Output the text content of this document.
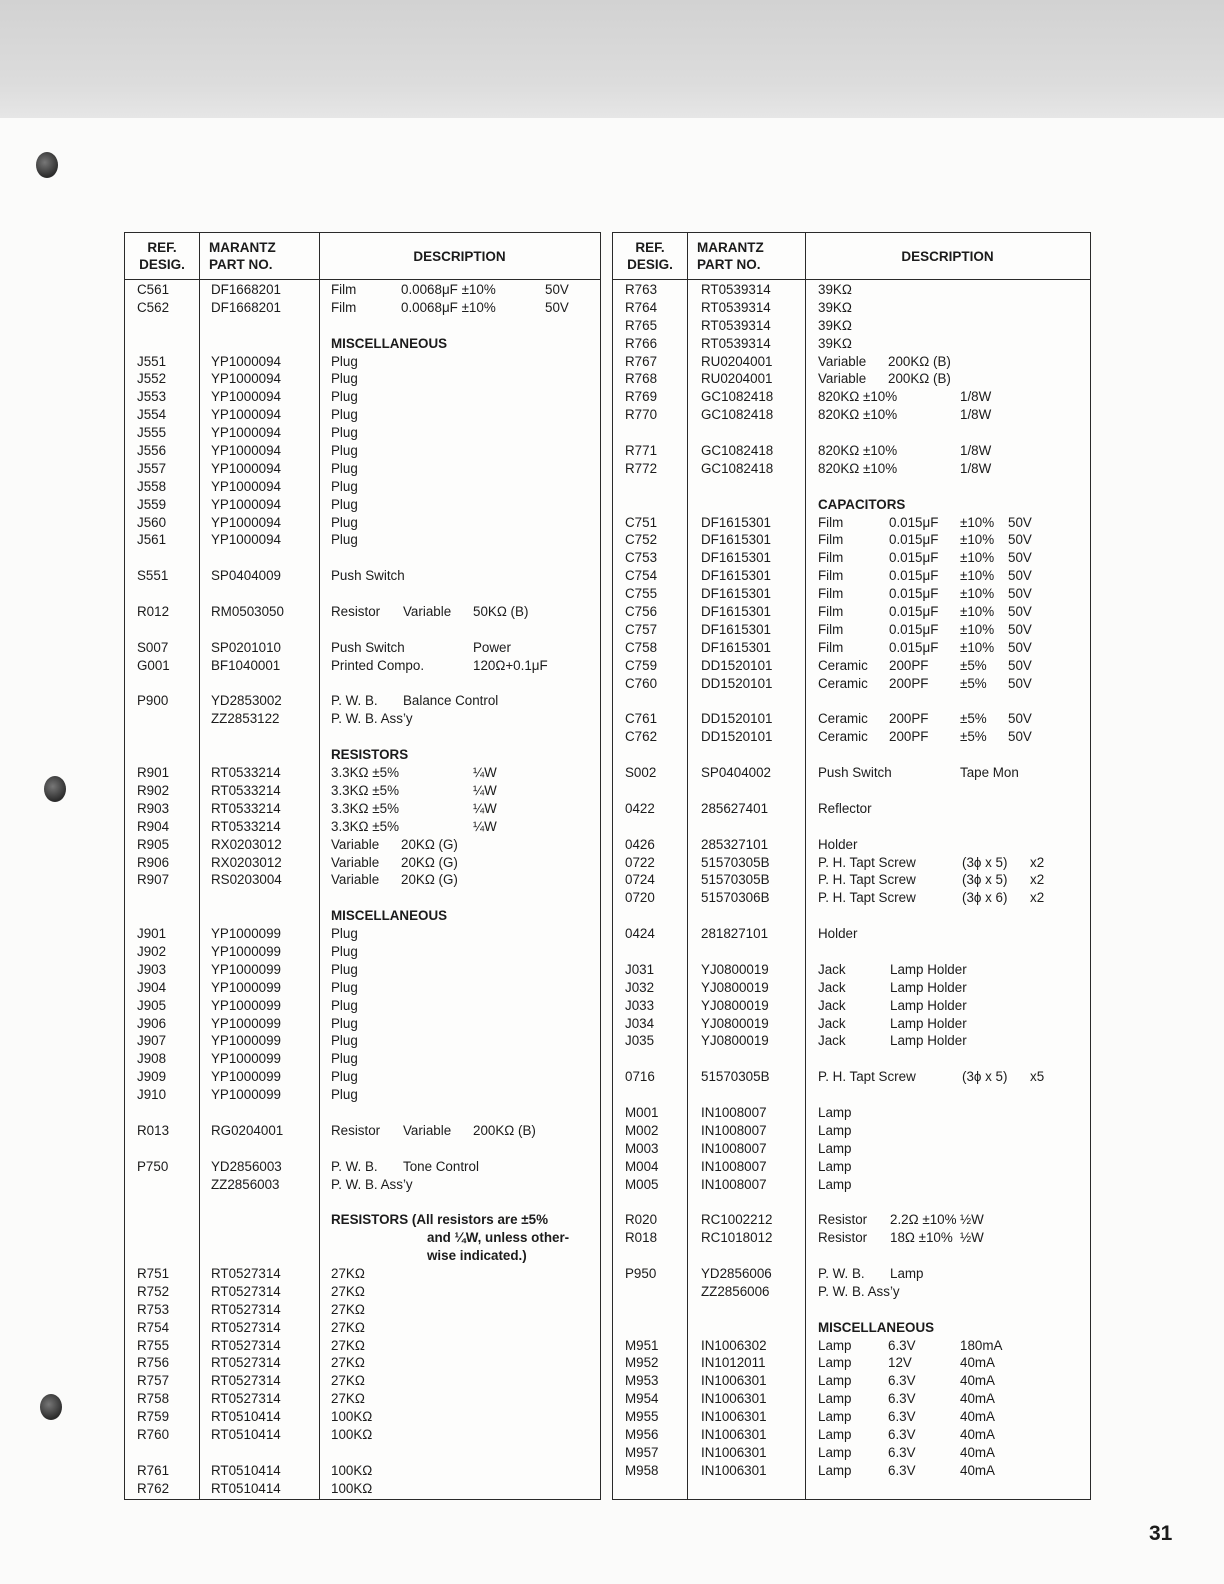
REF.
DESIG.
MARANTZ
PART NO.
DESCRIPTION
C561	DF1668201	Film	0.0068μF ±10%	50V
C562	DF1668201	Film	0.0068μF ±10%	50V
MISCELLANEOUS
J551	YP1000094	Plug
J552	YP1000094	Plug
J553	YP1000094	Plug
J554	YP1000094	Plug
J555	YP1000094	Plug
J556	YP1000094	Plug
J557	YP1000094	Plug
J558	YP1000094	Plug
J559	YP1000094	Plug
J560	YP1000094	Plug
J561	YP1000094	Plug
S551	SP0404009	Push Switch
R012	RM0503050	Resistor Variable 50KΩ (B)
S007	SP0201010	Push Switch	Power
G001	BF1040001	Printed Compo.	120Ω+0.1μF
P900	YD2853002	P. W. B. Balance Control
ZZ2853122	P. W. B. Ass’y
RESISTORS
R901	RT0533214	3.3KΩ ±5%	¼W
R902	RT0533214	3.3KΩ ±5%	¼W
R903	RT0533214	3.3KΩ ±5%	¼W
R904	RT0533214	3.3KΩ ±5%	¼W
R905	RX0203012	Variable 20KΩ (G)
R906	RX0203012	Variable 20KΩ (G)
R907	RS0203004	Variable 20KΩ (G)
MISCELLANEOUS
J901	YP1000099	Plug
J902	YP1000099	Plug
J903	YP1000099	Plug
J904	YP1000099	Plug
J905	YP1000099	Plug
J906	YP1000099	Plug
J907	YP1000099	Plug
J908	YP1000099	Plug
J909	YP1000099	Plug
J910	YP1000099	Plug
R013	RG0204001	Resistor Variable 200KΩ (B)
P750	YD2856003	P. W. B. Tone Control
ZZ2856003	P. W. B. Ass’y
RESISTORS (All resistors are ±5%
and ¼W, unless other-
wise indicated.)
R751	RT0527314	27KΩ
R752	RT0527314	27KΩ
R753	RT0527314	27KΩ
R754	RT0527314	27KΩ
R755	RT0527314	27KΩ
R756	RT0527314	27KΩ
R757	RT0527314	27KΩ
R758	RT0527314	27KΩ
R759	RT0510414	100KΩ
R760	RT0510414	100KΩ
R761	RT0510414	100KΩ
R762	RT0510414	100KΩ
REF.
DESIG.
MARANTZ
PART NO.
DESCRIPTION
R763	RT0539314	39KΩ
R764	RT0539314	39KΩ
R765	RT0539314	39KΩ
R766	RT0539314	39KΩ
R767	RU0204001	Variable 200KΩ (B)
R768	RU0204001	Variable 200KΩ (B)
R769	GC1082418	820KΩ ±10%	1/8W
R770	GC1082418	820KΩ ±10%	1/8W
R771	GC1082418	820KΩ ±10%	1/8W
R772	GC1082418	820KΩ ±10%	1/8W
CAPACITORS
C751	DF1615301	Film	0.015μF ±10% 50V
C752	DF1615301	Film	0.015μF ±10% 50V
C753	DF1615301	Film	0.015μF ±10% 50V
C754	DF1615301	Film	0.015μF ±10% 50V
C755	DF1615301	Film	0.015μF ±10% 50V
C756	DF1615301	Film	0.015μF ±10% 50V
C757	DF1615301	Film	0.015μF ±10% 50V
C758	DF1615301	Film	0.015μF ±10% 50V
C759	DD1520101	Ceramic 200PF ±5% 50V
C760	DD1520101	Ceramic 200PF ±5% 50V
C761	DD1520101	Ceramic 200PF ±5% 50V
C762	DD1520101	Ceramic 200PF ±5% 50V
S002	SP0404002	Push Switch	Tape Mon
0422	285627401	Reflector
0426	285327101	Holder
0722	51570305B	P. H. Tapt Screw	(3ϕ x 5) x2
0724	51570305B	P. H. Tapt Screw	(3ϕ x 5) x2
0720	51570306B	P. H. Tapt Screw	(3ϕ x 6) x2
0424	281827101	Holder
J031	YJ0800019	Jack	Lamp Holder
J032	YJ0800019	Jack	Lamp Holder
J033	YJ0800019	Jack	Lamp Holder
J034	YJ0800019	Jack	Lamp Holder
J035	YJ0800019	Jack	Lamp Holder
0716	51570305B	P. H. Tapt Screw	(3ϕ x 5) x5
M001	IN1008007	Lamp
M002	IN1008007	Lamp
M003	IN1008007	Lamp
M004	IN1008007	Lamp
M005	IN1008007	Lamp
R020	RC1002212	Resistor 2.2Ω ±10% ½W
R018	RC1018012	Resistor 18Ω ±10% ½W
P950	YD2856006	P. W. B. Lamp
ZZ2856006	P. W. B. Ass’y
MISCELLANEOUS
M951	IN1006302	Lamp	6.3V	180mA
M952	IN1012011	Lamp	12V	40mA
M953	IN1006301	Lamp	6.3V	40mA
M954	IN1006301	Lamp	6.3V	40mA
M955	IN1006301	Lamp	6.3V	40mA
M956	IN1006301	Lamp	6.3V	40mA
M957	IN1006301	Lamp	6.3V	40mA
M958	IN1006301	Lamp	6.3V	40mA
31
